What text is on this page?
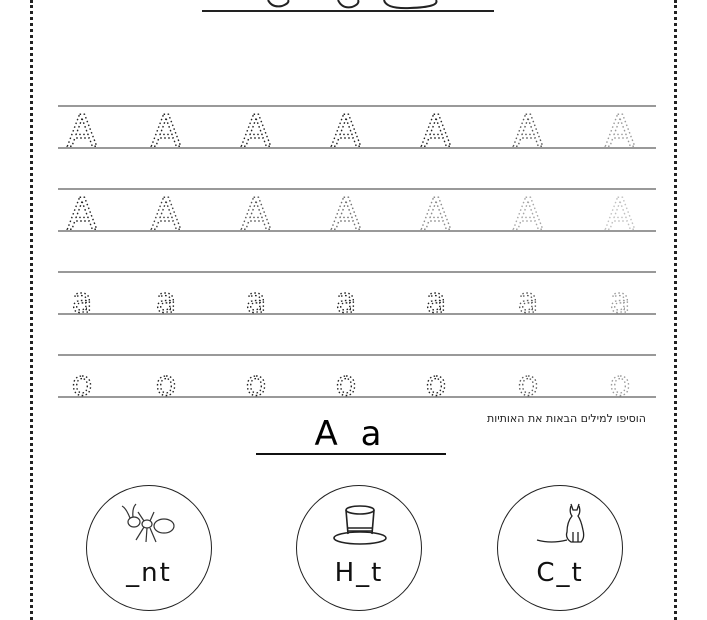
A A A A A A A
A A A A A A A
a a a a a a a
o o o o o o o
הוסיפו למילים הבאות את האותיות
A a
_nt	H_t	C_t
